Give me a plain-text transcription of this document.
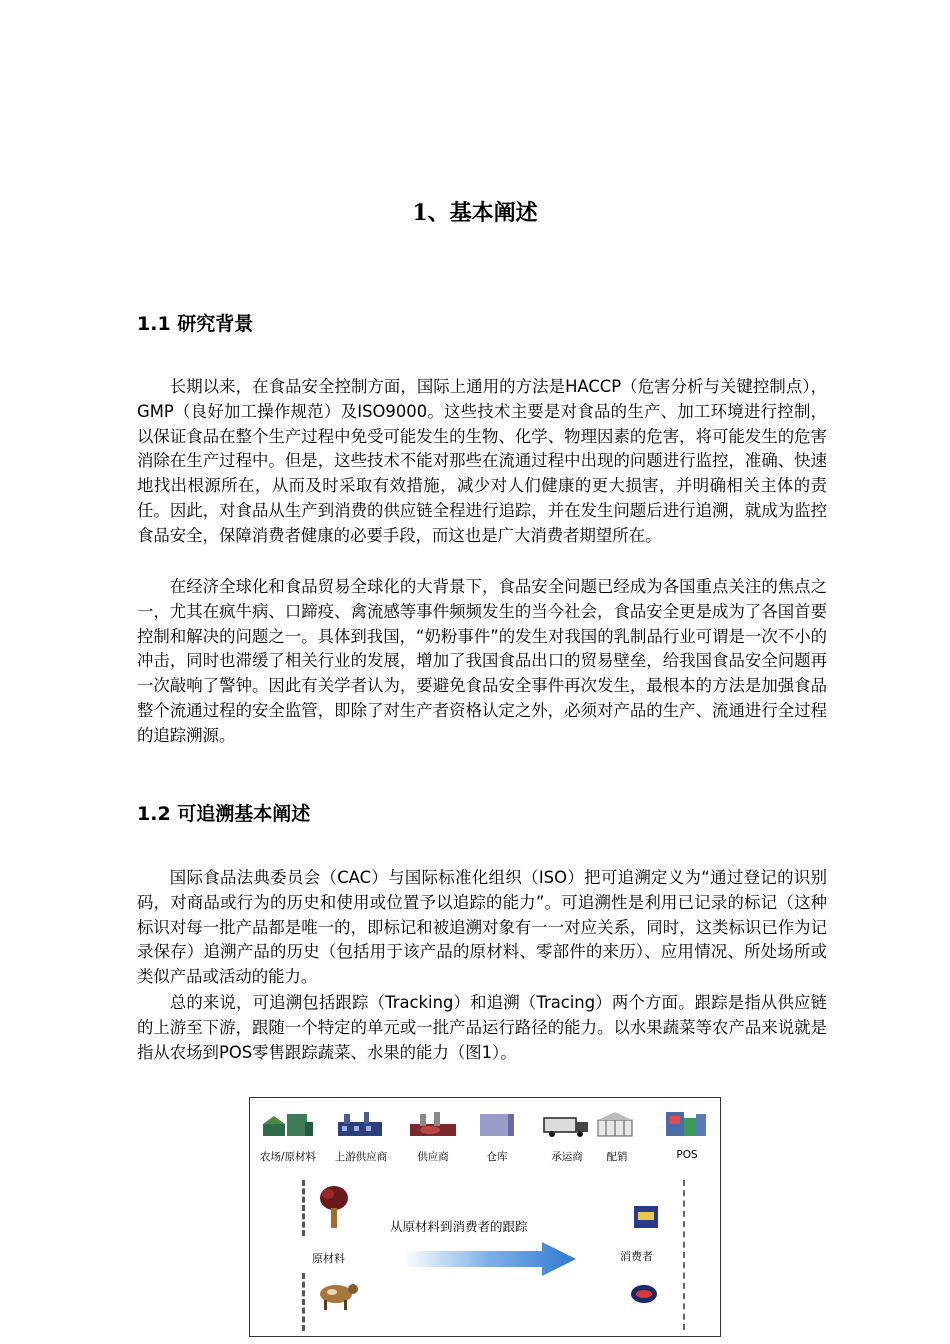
1、基本阐述
1.1 研究背景

长期以来，在食品安全控制方面，国际上通用的方法是HACCP（危害分析与关键控制点），GMP（良好加工操作规范）及ISO9000。这些技术主要是对食品的生产、加工环境进行控制，以保证食品在整个生产过程中免受可能发生的生物、化学、物理因素的危害，将可能发生的危害消除在生产过程中。但是，这些技术不能对那些在流通过程中出现的问题进行监控，准确、快速地找出根源所在，从而及时采取有效措施，减少对人们健康的更大损害，并明确相关主体的责任。因此，对食品从生产到消费的供应链全程进行追踪，并在发生问题后进行追溯，就成为监控食品安全，保障消费者健康的必要手段，而这也是广大消费者期望所在。

在经济全球化和食品贸易全球化的大背景下，食品安全问题已经成为各国重点关注的焦点之一，尤其在疯牛病、口蹄疫、禽流感等事件频频发生的当今社会，食品安全更是成为了各国首要控制和解决的问题之一。具体到我国，“奶粉事件”的发生对我国的乳制品行业可谓是一次不小的冲击，同时也滞缓了相关行业的发展，增加了我国食品出口的贸易壁垒，给我国食品安全问题再一次敲响了警钟。因此有关学者认为，要避免食品安全事件再次发生，最根本的方法是加强食品整个流通过程的安全监管，即除了对生产者资格认定之外，必须对产品的生产、流通进行全过程的追踪溯源。

1.2 可追溯基本阐述

国际食品法典委员会（CAC）与国际标准化组织（ISO）把可追溯定义为“通过登记的识别码，对商品或行为的历史和使用或位置予以追踪的能力”。可追溯性是利用已记录的标记（这种标识对每一批产品都是唯一的，即标记和被追溯对象有一一对应关系，同时，这类标识已作为记录保存）追溯产品的历史（包括用于该产品的原材料、零部件的来历）、应用情况、所处场所或类似产品或活动的能力。

总的来说，可追溯包括跟踪（Tracking）和追溯（Tracing）两个方面。跟踪是指从供应链的上游至下游，跟随一个特定的单元或一批产品运行路径的能力。以水果蔬菜等农产品来说就是指从农场到POS零售跟踪蔬菜、水果的能力（图1）。

农场/原材料	上游供应商	供应商	仓库	承运商	配销	POS
原材料
从原材料到消费者的跟踪
消费者
